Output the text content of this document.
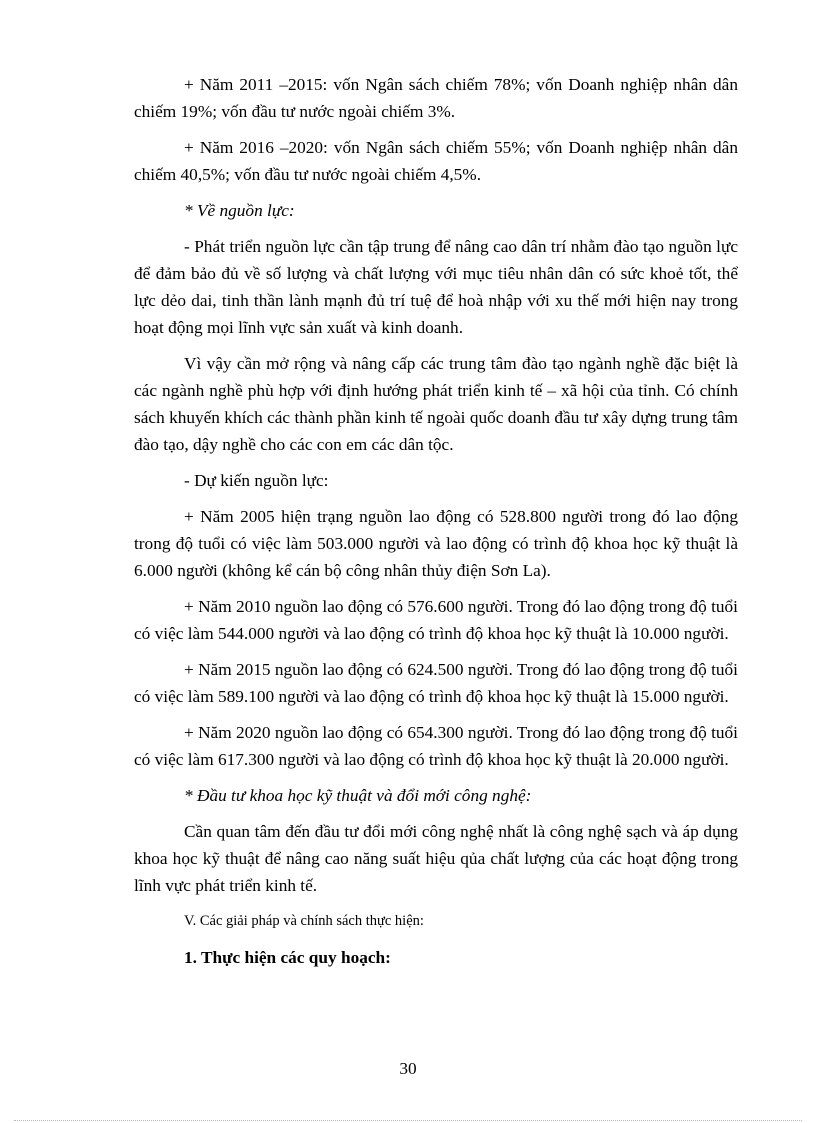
+ Năm 2011 –2015: vốn Ngân sách chiếm 78%; vốn Doanh nghiệp nhân dân chiếm 19%; vốn đầu tư nước ngoài chiếm 3%.

+ Năm 2016 –2020: vốn Ngân sách chiếm 55%; vốn Doanh nghiệp nhân dân chiếm 40,5%; vốn đầu tư nước ngoài chiếm 4,5%.

* Về nguồn lực:

- Phát triển nguồn lực cần tập trung để nâng cao dân trí nhằm đào tạo nguồn lực để đảm bảo đủ về số lượng và chất lượng với mục tiêu nhân dân có sức khoẻ tốt, thể lực dẻo dai, tinh thần lành mạnh đủ trí tuệ để hoà nhập với xu thế mới hiện nay trong hoạt động mọi lĩnh vực sản xuất và kinh doanh.

Vì vậy cần mở rộng và nâng cấp các trung tâm đào tạo ngành nghề đặc biệt là các ngành nghề phù hợp với định hướng phát triển kinh tế – xã hội của tỉnh. Có chính sách khuyến khích các thành phần kinh tế ngoài quốc doanh đầu tư xây dựng trung tâm đào tạo, dậy nghề cho các con em các dân tộc.

- Dự kiến nguồn lực:

+ Năm 2005 hiện trạng nguồn lao động có 528.800 người trong đó lao động trong độ tuổi có việc làm 503.000 người và lao động có trình độ khoa học kỹ thuật là 6.000 người (không kể cán bộ công nhân thủy điện Sơn La).

+ Năm 2010 nguồn lao động có 576.600 người. Trong đó lao động trong độ tuổi có việc làm 544.000 người và lao động có trình độ khoa học kỹ thuật là 10.000 người.

+ Năm 2015 nguồn lao động có 624.500 người. Trong đó lao động trong độ tuổi có việc làm 589.100 người và lao động có trình độ khoa học kỹ thuật là 15.000 người.

+ Năm 2020 nguồn lao động có 654.300 người. Trong đó lao động trong độ tuổi có việc làm 617.300 người và lao động có trình độ khoa học kỹ thuật là 20.000 người.

* Đầu tư khoa học kỹ thuật và đổi mới công nghệ:

Cần quan tâm đến đầu tư đổi mới công nghệ nhất là công nghệ sạch và áp dụng khoa học kỹ thuật để nâng cao năng suất hiệu qủa chất lượng của các hoạt động trong lĩnh vực phát triển kinh tế.

V. Các giải pháp và chính sách thực hiện:

1. Thực hiện các quy hoạch:

30
